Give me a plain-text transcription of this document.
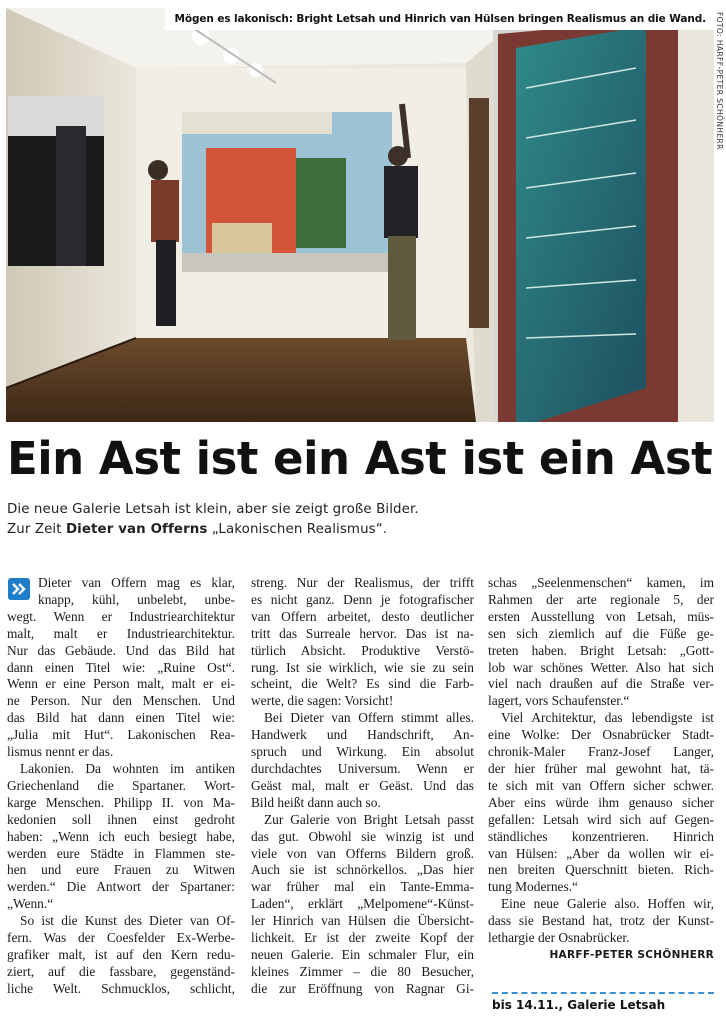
Mögen es lakonisch: Bright Letsah und Hinrich van Hülsen bringen Realismus an die Wand.	FOTO: HARFF-PETER SCHÖNHERR
Ein Ast ist ein Ast ist ein Ast
Die neue Galerie Letsah ist klein, aber sie zeigt große Bilder.
Zur Zeit Dieter van Offerns „Lakonischen Realismus“.

Dieter van Offern mag es klar,
knapp, kühl, unbelebt, unbe-
wegt. Wenn er Industriearchitektur
malt, malt er Industriearchitektur.
Nur das Gebäude. Und das Bild hat
dann einen Titel wie: „Ruine Ost“.
Wenn er eine Person malt, malt er ei-
ne Person. Nur den Menschen. Und
das Bild hat dann einen Titel wie:
„Julia mit Hut“. Lakonischen Rea-
lismus nennt er das.

Lakonien. Da wohnten im antiken
Griechenland die Spartaner. Wort-
karge Menschen. Philipp II. von Ma-
kedonien soll ihnen einst gedroht
haben: „Wenn ich euch besiegt habe,
werden eure Städte in Flammen ste-
hen und eure Frauen zu Witwen
werden.“ Die Antwort der Spartaner:
„Wenn.“

So ist die Kunst des Dieter van Of-
fern. Was der Coesfelder Ex-Werbe-
grafiker malt, ist auf den Kern redu-
ziert, auf die fassbare, gegenständ-
liche Welt. Schmucklos, schlicht,

streng. Nur der Realismus, der trifft
es nicht ganz. Denn je fotografischer
van Offern arbeitet, desto deutlicher
tritt das Surreale hervor. Das ist na-
türlich Absicht. Produktive Verstö-
rung. Ist sie wirklich, wie sie zu sein
scheint, die Welt? Es sind die Farb-
werte, die sagen: Vorsicht!

Bei Dieter van Offern stimmt alles.
Handwerk und Handschrift, An-
spruch und Wirkung. Ein absolut
durchdachtes Universum. Wenn er
Geäst mal, malt er Geäst. Und das
Bild heißt dann auch so.

Zur Galerie von Bright Letsah passt
das gut. Obwohl sie winzig ist und
viele von van Offerns Bildern groß.
Auch sie ist schnörkellos. „Das hier
war früher mal ein Tante-Emma-
Laden“, erklärt „Melpomene“-Künst-
ler Hinrich van Hülsen die Übersicht-
lichkeit. Er ist der zweite Kopf der
neuen Galerie. Ein schmaler Flur, ein
kleines Zimmer – die 80 Besucher,
die zur Eröffnung von Ragnar Gi-

schas „Seelenmenschen“ kamen, im
Rahmen der arte regionale 5, der
ersten Ausstellung von Letsah, müs-
sen sich ziemlich auf die Füße ge-
treten haben. Bright Letsah: „Gott-
lob war schönes Wetter. Also hat sich
viel nach draußen auf die Straße ver-
lagert, vors Schaufenster.“

Viel Architektur, das lebendigste ist
eine Wolke: Der Osnabrücker Stadt-
chronik-Maler Franz-Josef Langer,
der hier früher mal gewohnt hat, tä-
te sich mit van Offern sicher schwer.
Aber eins würde ihm genauso sicher
gefallen: Letsah wird sich auf Gegen-
ständliches konzentrieren. Hinrich
van Hülsen: „Aber da wollen wir ei-
nen breiten Querschnitt bieten. Rich-
tung Modernes.“

Eine neue Galerie also. Hoffen wir,
dass sie Bestand hat, trotz der Kunst-
lethargie der Osnabrücker.

HARFF-PETER SCHÖNHERR
bis 14.11., Galerie Letsah
